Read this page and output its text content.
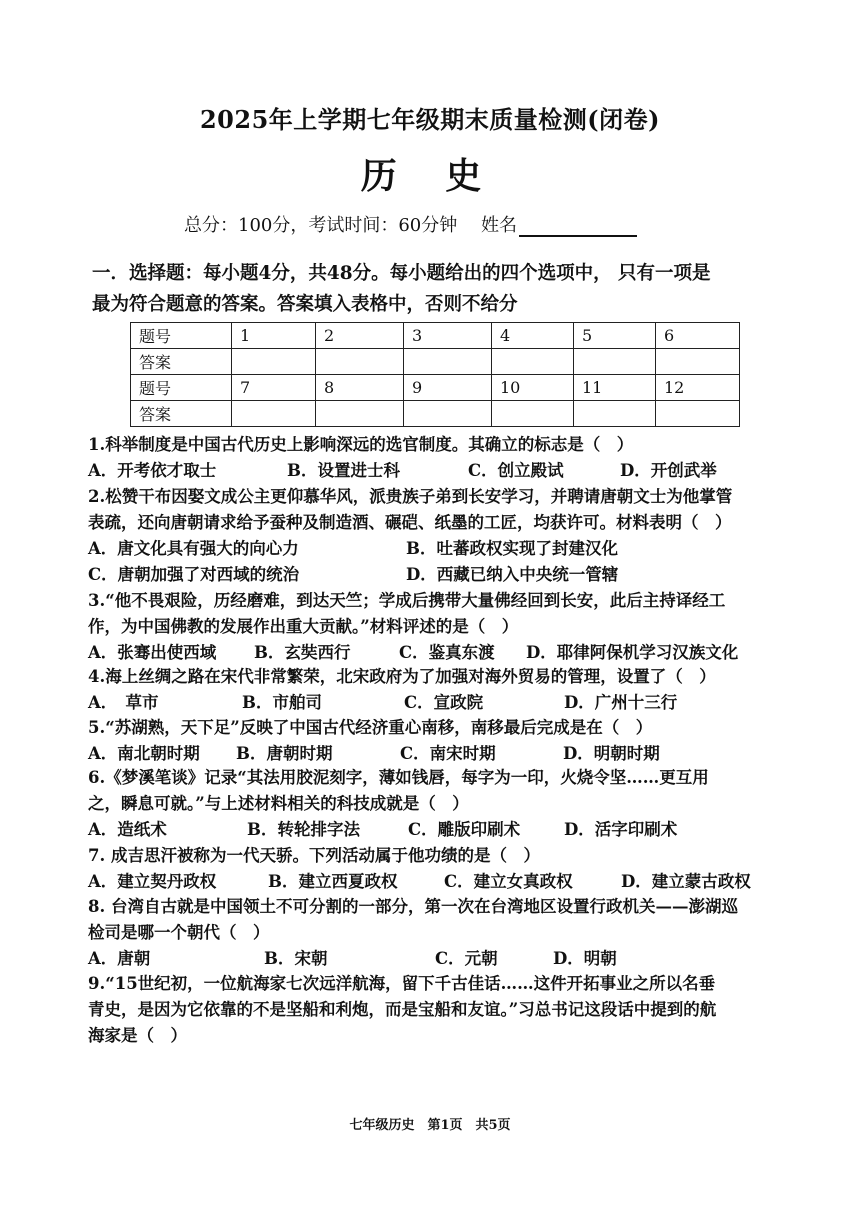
2025年上学期七年级期末质量检测(闭卷)
历 史
总分：100分，考试时间：60分钟　 姓名
一．选择题：每小题4分，共48分。每小题给出的四个选项中， 只有一项是
最为符合题意的答案。答案填入表格中，否则不给分
题号	1	2	3	4	5	6
答案						
题号	7	8	9	10	11	12
答案						
1.科举制度是中国古代历史上影响深远的选官制度。其确立的标志是（　）
A．开考依才取士	B．设置进士科	C．创立殿试	D．开创武举
2.松赞干布因娶文成公主更仰慕华风，派贵族子弟到长安学习，并聘请唐朝文士为他掌管
表疏，还向唐朝请求给予蚕种及制造酒、碾硙、纸墨的工匠，均获许可。材料表明（　）
A．唐文化具有强大的向心力	B．吐蕃政权实现了封建汉化
C．唐朝加强了对西域的统治	D．西藏已纳入中央统一管辖
3.“他不畏艰险，历经磨难，到达天竺；学成后携带大量佛经回到长安，此后主持译经工
作，为中国佛教的发展作出重大贡献。”材料评述的是（　）
A．张骞出使西域 B．玄奘西行	C．鉴真东渡 D．耶律阿保机学习汉族文化
4.海上丝绸之路在宋代非常繁荣，北宋政府为了加强对海外贸易的管理，设置了（　）
A．　草市	B．市舶司	C．宣政院	D．广州十三行
5.“苏湖熟，天下足”反映了中国古代经济重心南移，南移最后完成是在（　）
A．南北朝时期 B．唐朝时期	C．南宋时期	D．明朝时期
6.《梦溪笔谈》记录“其法用胶泥刻字，薄如钱唇，每字为一印，火烧令坚……更互用
之，瞬息可就。”与上述材料相关的科技成就是（　）
A．造纸术	B．转轮排字法	C．雕版印刷术	D．活字印刷术
7. 成吉思汗被称为一代天骄。下列活动属于他功绩的是（　）
A．建立契丹政权	B．建立西夏政权	C．建立女真政权	D．建立蒙古政权
8. 台湾自古就是中国领土不可分割的一部分，第一次在台湾地区设置行政机关——澎湖巡
检司是哪一个朝代（　）
A．唐朝	B．宋朝	C．元朝	D．明朝
9.“15世纪初，一位航海家七次远洋航海，留下千古佳话……这件开拓事业之所以名垂
青史，是因为它依靠的不是坚船和利炮，而是宝船和友谊。”习总书记这段话中提到的航
海家是（　）
七年级历史　第1页　共5页
